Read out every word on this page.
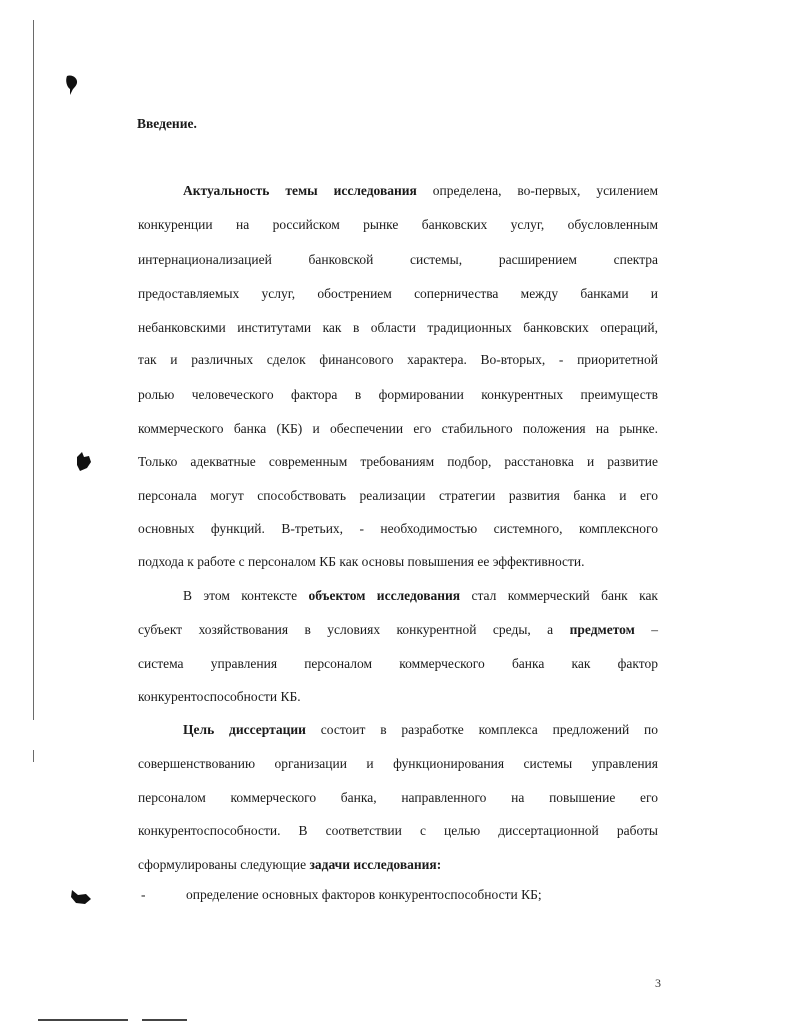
Введение.
Актуальность темы исследования определена, во-первых, усилением
конкуренции на российском рынке банковских услуг, обусловленным
интернационализацией банковской системы, расширением спектра
предоставляемых услуг, обострением соперничества между банками и
небанковскими институтами как в области традиционных банковских операций,
так и различных сделок финансового характера. Во-вторых, - приоритетной
ролью человеческого фактора в формировании конкурентных преимуществ
коммерческого банка (КБ) и обеспечении его стабильного положения на рынке.
Только адекватные современным требованиям подбор, расстановка и развитие
персонала могут способствовать реализации стратегии развития банка и его
основных функций. В-третьих, - необходимостью системного, комплексного
подхода к работе с персоналом КБ как основы повышения ее эффективности.
В этом контексте объектом исследования стал коммерческий банк как
субъект хозяйствования в условиях конкурентной среды, а предметом –
система управления персоналом коммерческого банка как фактор
конкурентоспособности КБ.
Цель диссертации состоит в разработке комплекса предложений по
совершенствованию организации и функционирования системы управления
персоналом коммерческого банка, направленного на повышение его
конкурентоспособности. В соответствии с целью диссертационной работы
сформулированы следующие задачи исследования:
-	определение основных факторов конкурентоспособности КБ;
3
